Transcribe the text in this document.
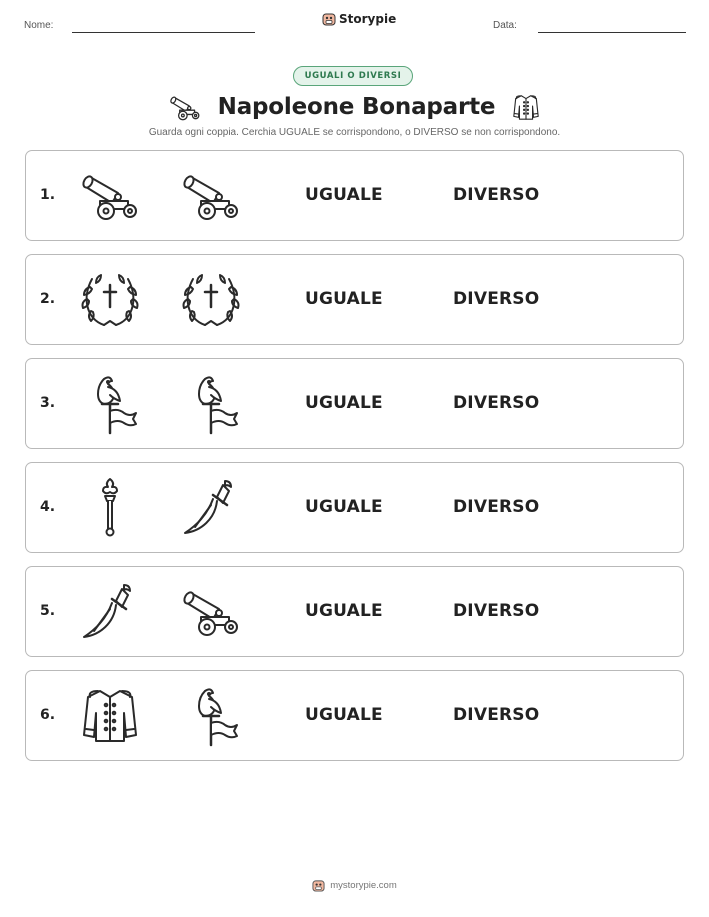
Nome:	Storypie	Data:
UGUALI O DIVERSI
Napoleone Bonaparte
Guarda ogni coppia. Cerchia UGUALE se corrispondono, o DIVERSO se non corrispondono.
1.	UGUALE	DIVERSO
2.	UGUALE	DIVERSO
3.	UGUALE	DIVERSO
4.	UGUALE	DIVERSO
5.	UGUALE	DIVERSO
6.	UGUALE	DIVERSO
mystorypie.com
